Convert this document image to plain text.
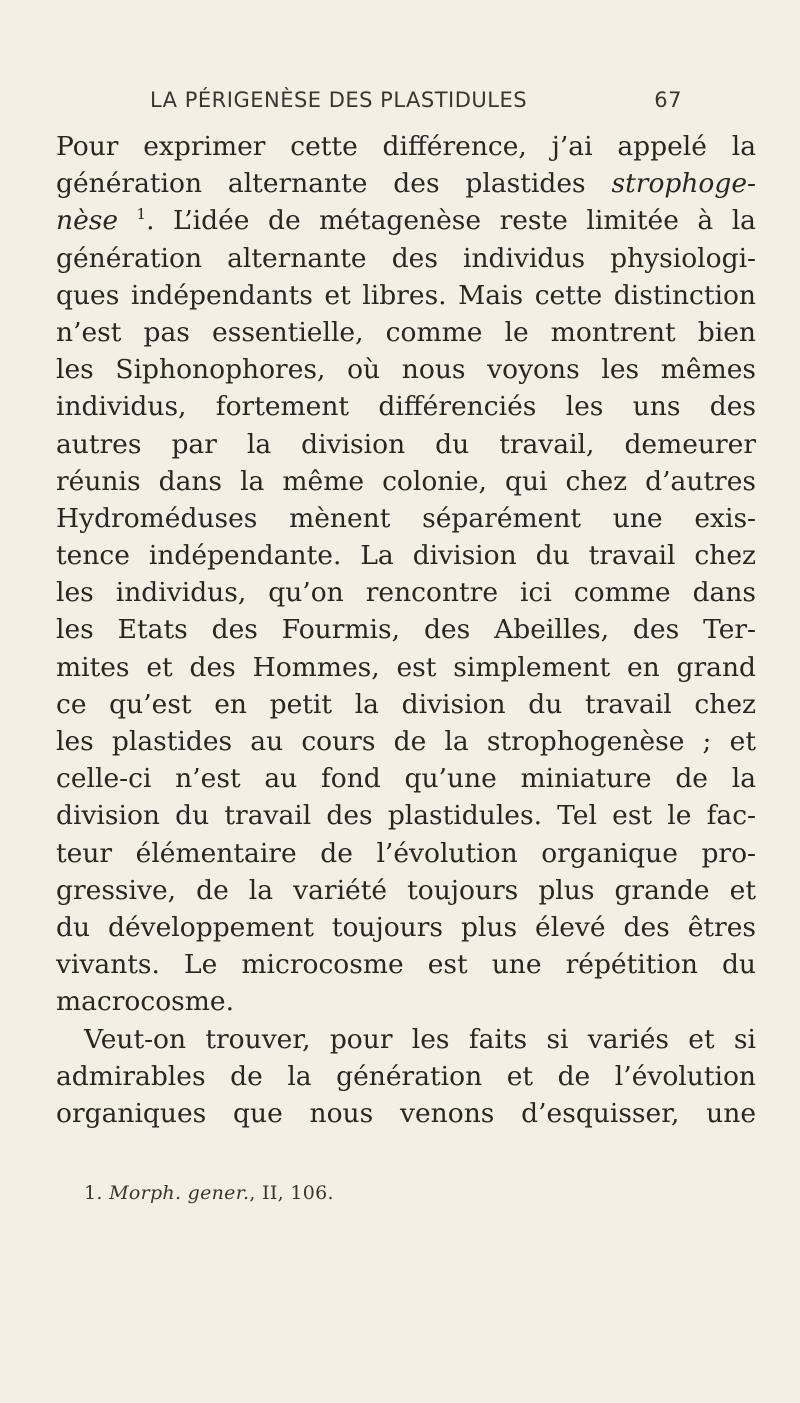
LA PÉRIGENÈSE DES PLASTIDULES	67
Pour exprimer cette différence, j’ai appelé la
génération alternante des plastides strophoge-
nèse $^1$. L’idée de métagenèse reste limitée à la
génération alternante des individus physiologi-
ques indépendants et libres. Mais cette distinction
n’est pas essentielle, comme le montrent bien
les Siphonophores, où nous voyons les mêmes
individus, fortement différenciés les uns des
autres par la division du travail, demeurer
réunis dans la même colonie, qui chez d’autres
Hydroméduses mènent séparément une exis-
tence indépendante. La division du travail chez
les individus, qu’on rencontre ici comme dans
les Etats des Fourmis, des Abeilles, des Ter-
mites et des Hommes, est simplement en grand
ce qu’est en petit la division du travail chez
les plastides au cours de la strophogenèse ; et
celle-ci n’est au fond qu’une miniature de la
division du travail des plastidules. Tel est le fac-
teur élémentaire de l’évolution organique pro-
gressive, de la variété toujours plus grande et
du développement toujours plus élevé des êtres
vivants. Le microcosme est une répétition du
macrocosme.
Veut-on trouver, pour les faits si variés et si
admirables de la génération et de l’évolution
organiques que nous venons d’esquisser, une
1. Morph. gener., II, 106.
